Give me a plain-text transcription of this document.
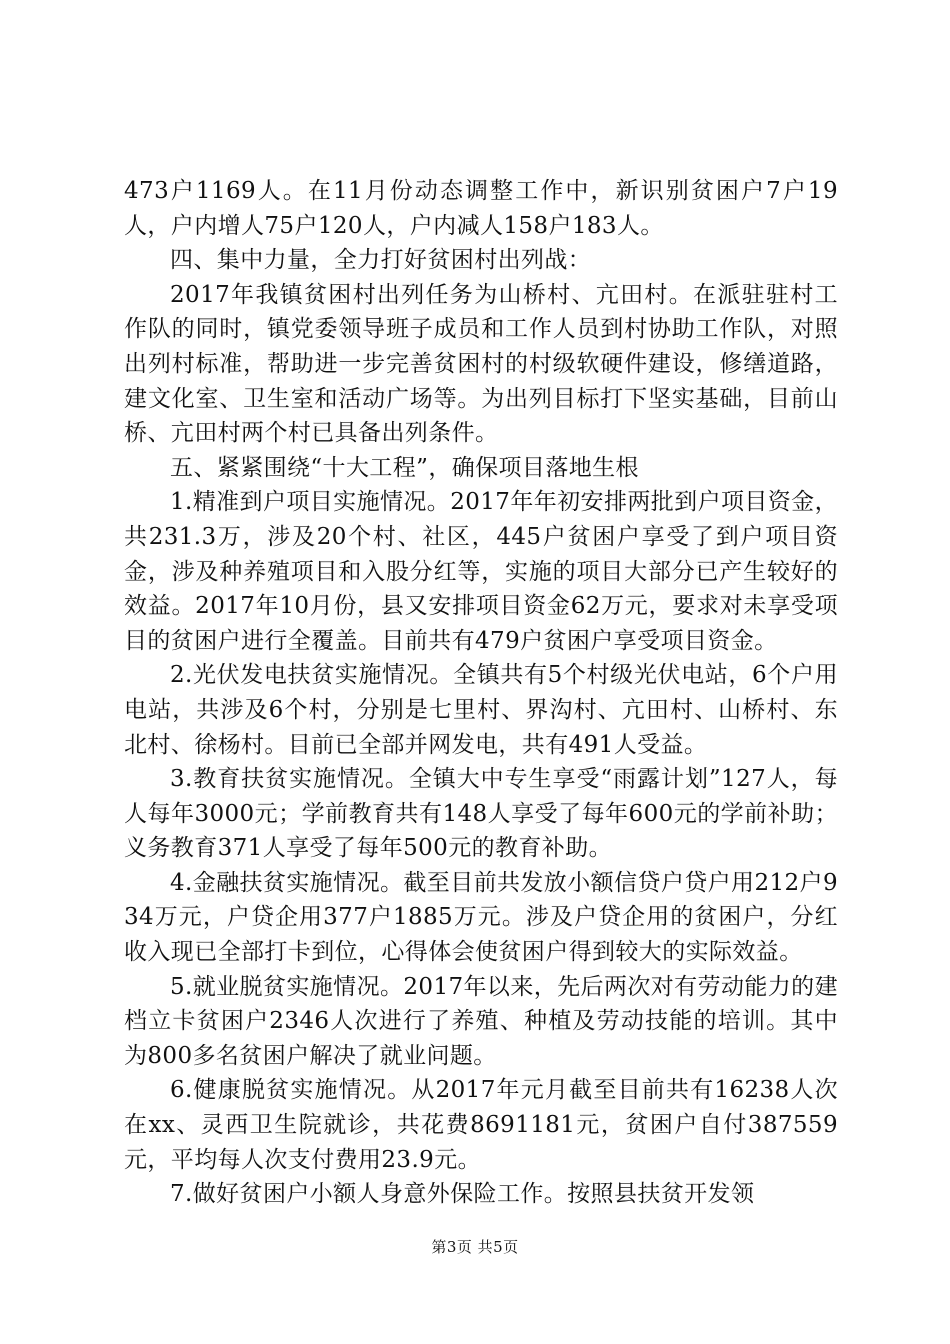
473户1169人。在11月份动态调整工作中，新识别贫困户7户19人，户内增人75户120人，户内减人158户183人。

四、集中力量，全力打好贫困村出列战：

2017年我镇贫困村出列任务为山桥村、亢田村。在派驻驻村工作队的同时，镇党委领导班子成员和工作人员到村协助工作队，对照出列村标准，帮助进一步完善贫困村的村级软硬件建设，修缮道路，建文化室、卫生室和活动广场等。为出列目标打下坚实基础，目前山桥、亢田村两个村已具备出列条件。

五、紧紧围绕“十大工程”，确保项目落地生根

1.精准到户项目实施情况。2017年年初安排两批到户项目资金，共231.3万，涉及20个村、社区，445户贫困户享受了到户项目资金，涉及种养殖项目和入股分红等，实施的项目大部分已产生较好的效益。2017年10月份，县又安排项目资金62万元，要求对未享受项目的贫困户进行全覆盖。目前共有479户贫困户享受项目资金。

2.光伏发电扶贫实施情况。全镇共有5个村级光伏电站，6个户用电站，共涉及6个村，分别是七里村、界沟村、亢田村、山桥村、东北村、徐杨村。目前已全部并网发电，共有491人受益。

3.教育扶贫实施情况。全镇大中专生享受“雨露计划”127人，每人每年3000元；学前教育共有148人享受了每年600元的学前补助；义务教育371人享受了每年500元的教育补助。

4.金融扶贫实施情况。截至目前共发放小额信贷户贷户用212户934万元，户贷企用377户1885万元。涉及户贷企用的贫困户，分红收入现已全部打卡到位，心得体会使贫困户得到较大的实际效益。

5.就业脱贫实施情况。2017年以来，先后两次对有劳动能力的建档立卡贫困户2346人次进行了养殖、种植及劳动技能的培训。其中为800多名贫困户解决了就业问题。

6.健康脱贫实施情况。从2017年元月截至目前共有16238人次在xx、灵西卫生院就诊，共花费8691181元，贫困户自付387559元，平均每人次支付费用23.9元。

7.做好贫困户小额人身意外保险工作。按照县扶贫开发领

第3页 共5页
